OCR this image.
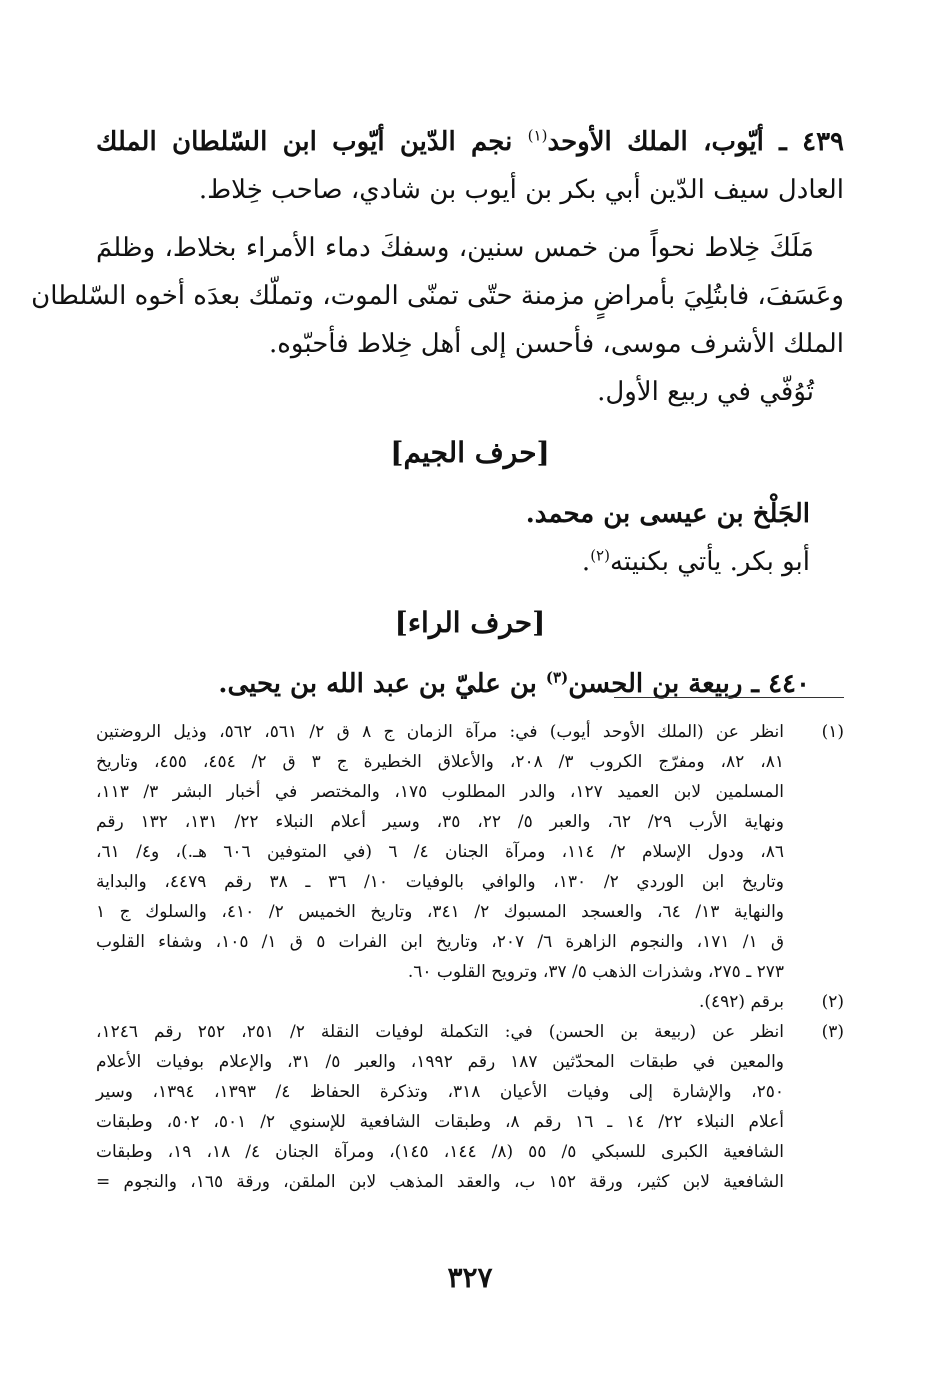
٤٣٩ ـ أيّوب، الملك الأوحد$^{(١)}$ نجم الدّين أيّوب ابن السّلطان الملك
العادل سيف الدّين أبي بكر بن أيوب بن شادي، صاحب خِلاط.
مَلَكَ خِلاط نحواً من خمس سنين، وسفكَ دماء الأمراء بخلاط، وظلمَ
وعَسَفَ، فابتُلِيَ بأمراضٍ مزمنة حتّى تمنّى الموت، وتملّك بعدَه أخوه السّلطان
الملك الأشرف موسى، فأحسن إلى أهل خِلاط فأحبّوه.
تُوُفّي في ربيع الأول.
[حرف الجيم]
الجَلْخ بن عيسى بن محمد.
أبو بكر. يأتي بكنيته$^{(٢)}$.
[حرف الراء]
٤٤٠ ـ ربيعة بن الحسن$^{(٣)}$ بن عليّ بن عبد الله بن يحيى.
(١)
انظر عن (الملك الأوحد أيوب) في: مرآة الزمان ج ٨ ق ٢/ ٥٦١، ٥٦٢، وذيل الروضتين
٨١، ٨٢، ومفرّج الكروب ٣/ ٢٠٨، والأعلاق الخطيرة ج ٣ ق ٢/ ٤٥٤، ٤٥٥، وتاريخ
المسلمين لابن العميد ١٢٧، والدر المطلوب ١٧٥، والمختصر في أخبار البشر ٣/ ١١٣،
ونهاية الأرب ٢٩/ ٦٢، والعبر ٥/ ٢٢، ٣٥، وسير أعلام النبلاء ٢٢/ ١٣١، ١٣٢ رقم
٨٦، ودول الإسلام ٢/ ١١٤، ومرآة الجنان ٤/ ٦ (في المتوفين ٦٠٦ هـ.)، و٤/ ٦١،
وتاريخ ابن الوردي ٢/ ١٣٠، والوافي بالوفيات ١٠/ ٣٦ ـ ٣٨ رقم ٤٤٧٩، والبداية
والنهاية ١٣/ ٦٤، والعسجد المسبوك ٢/ ٣٤١، وتاريخ الخميس ٢/ ٤١٠، والسلوك ج ١
ق ١/ ١٧١، والنجوم الزاهرة ٦/ ٢٠٧، وتاريخ ابن الفرات ٥ ق ١/ ١٠٥، وشفاء القلوب
٢٧٣ ـ ٢٧٥، وشذرات الذهب ٥/ ٣٧، وترويح القلوب ٦٠.
(٢)
برقم (٤٩٢).
(٣)
انظر عن (ربيعة بن الحسن) في: التكملة لوفيات النقلة ٢/ ٢٥١، ٢٥٢ رقم ١٢٤٦،
والمعين في طبقات المحدّثين ١٨٧ رقم ١٩٩٢، والعبر ٥/ ٣١، والإعلام بوفيات الأعلام
٢٥٠، والإشارة إلى وفيات الأعيان ٣١٨، وتذكرة الحفاظ ٤/ ١٣٩٣، ١٣٩٤، وسير
أعلام النبلاء ٢٢/ ١٤ ـ ١٦ رقم ٨، وطبقات الشافعية للإسنوي ٢/ ٥٠١، ٥٠٢، وطبقات
الشافعية الكبرى للسبكي ٥/ ٥٥ (٨/ ١٤٤، ١٤٥)، ومرآة الجنان ٤/ ١٨، ١٩، وطبقات
الشافعية لابن كثير، ورقة ١٥٢ ب، والعقد المذهب لابن الملقن، ورقة ١٦٥، والنجوم =
٣٢٧
